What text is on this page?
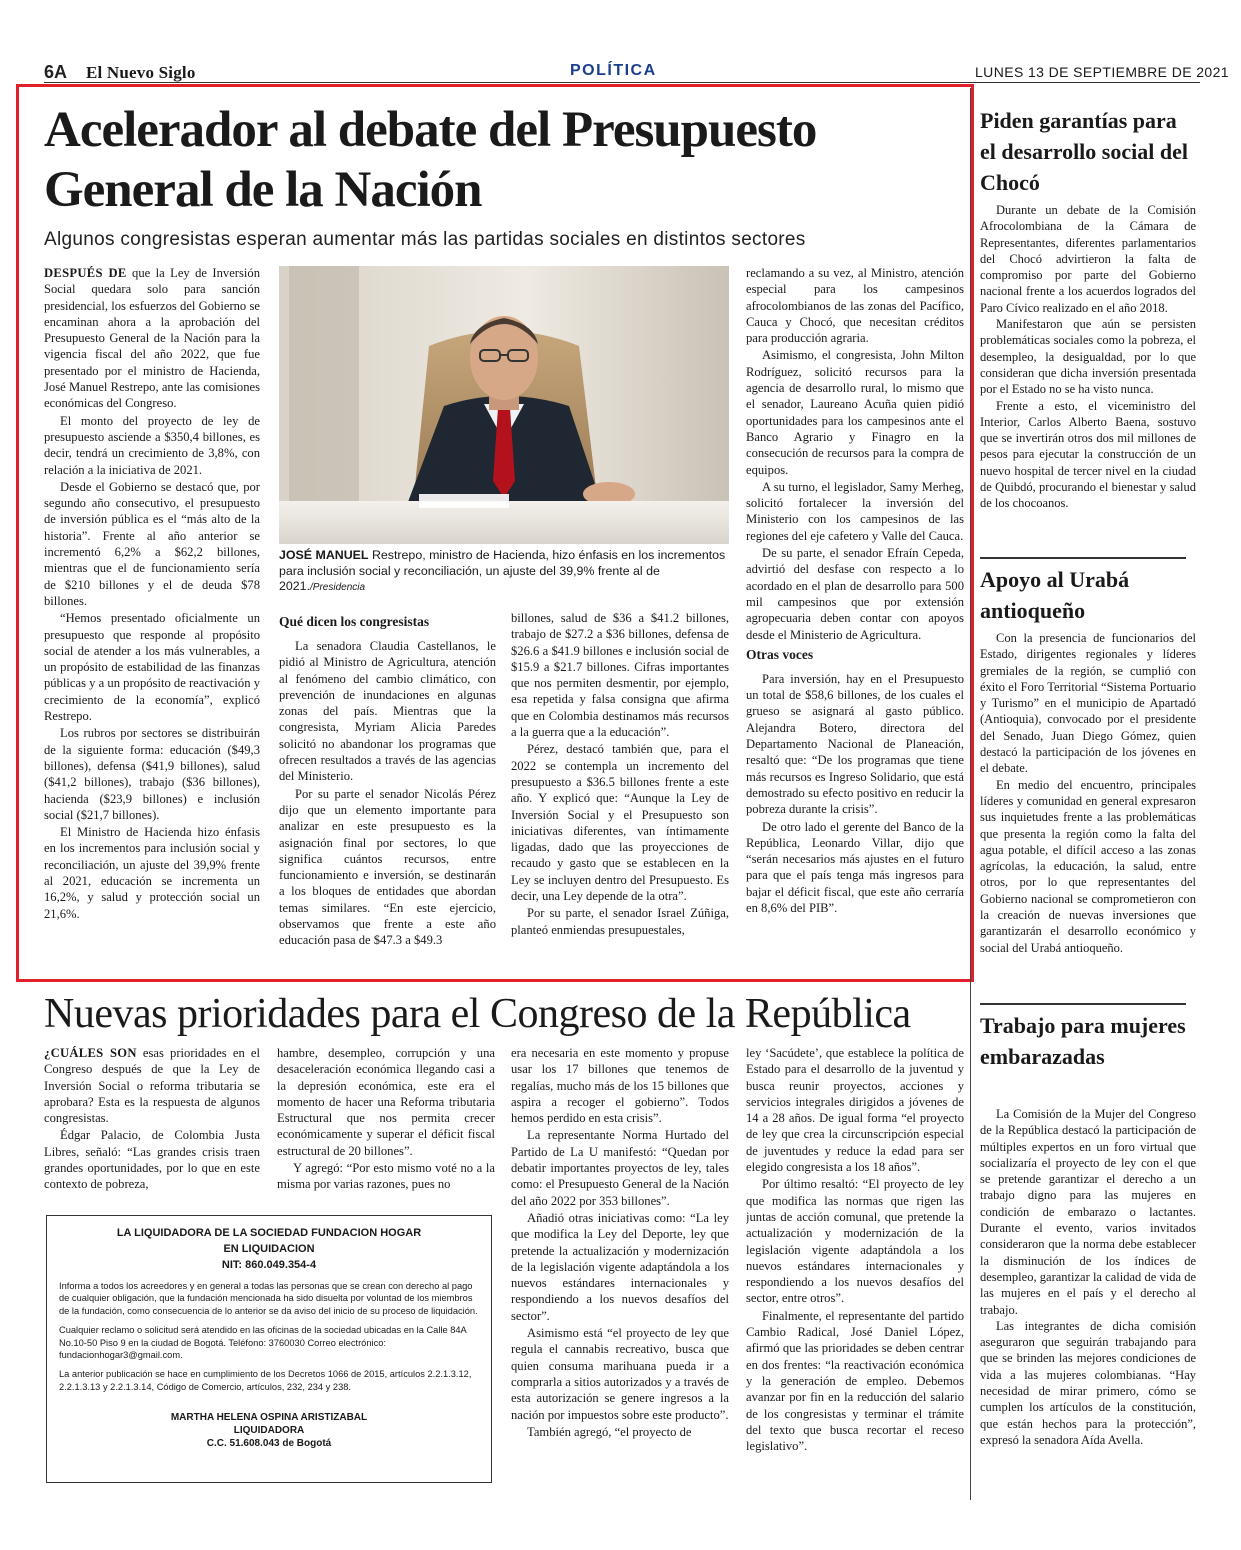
6A El Nuevo Siglo	POLÍTICA	LUNES 13 DE SEPTIEMBRE DE 2021
Acelerador al debate del Presupuesto General de la Nación
Algunos congresistas esperan aumentar más las partidas sociales en distintos sectores

DESPUÉS DE que la Ley de Inversión Social quedara solo para sanción presidencial, los esfuerzos del Gobierno se encaminan ahora a la aprobación del Presupuesto General de la Nación para la vigencia fiscal del año 2022, que fue presentado por el ministro de Hacienda, José Manuel Restrepo, ante las comisiones económicas del Congreso.

El monto del proyecto de ley de presupuesto asciende a $350,4 billones, es decir, tendrá un crecimiento de 3,8%, con relación a la iniciativa de 2021.

Desde el Gobierno se destacó que, por segundo año consecutivo, el presupuesto de inversión pública es el “más alto de la historia”. Frente al año anterior se incrementó 6,2% a $62,2 billones, mientras que el de funcionamiento sería de $210 billones y el de deuda $78 billones.

“Hemos presentado oficialmente un presupuesto que responde al propósito social de atender a los más vulnerables, a un propósito de estabilidad de las finanzas públicas y a un propósito de reactivación y crecimiento de la economía”, explicó Restrepo.

Los rubros por sectores se distribuirán de la siguiente forma: educación ($49,3 billones), defensa ($41,9 billones), salud ($41,2 billones), trabajo ($36 billones), hacienda ($23,9 billones) e inclusión social ($21,7 billones).

El Ministro de Hacienda hizo énfasis en los incrementos para inclusión social y reconciliación, un ajuste del 39,9% frente al 2021, educación se incrementa un 16,2%, y salud y protección social un 21,6%.

JOSÉ MANUEL Restrepo, ministro de Hacienda, hizo énfasis en los incrementos para inclusión social y reconciliación, un ajuste del 39,9% frente al de 2021./Presidencia
Qué dicen los congresistas

La senadora Claudia Castellanos, le pidió al Ministro de Agricultura, atención al fenómeno del cambio climático, con prevención de inundaciones en algunas zonas del país. Mientras que la congresista, Myriam Alicia Paredes solicitó no abandonar los programas que ofrecen resultados a través de las agencias del Ministerio.

Por su parte el senador Nicolás Pérez dijo que un elemento importante para analizar en este presupuesto es la asignación final por sectores, lo que significa cuántos recursos, entre funcionamiento e inversión, se destinarán a los bloques de entidades que abordan temas similares. “En este ejercicio, observamos que frente a este año educación pasa de $47.3 a $49.3

billones, salud de $36 a $41.2 billones, trabajo de $27.2 a $36 billones, defensa de $26.6 a $41.9 billones e inclusión social de $15.9 a $21.7 billones. Cifras importantes que nos permiten desmentir, por ejemplo, esa repetida y falsa consigna que afirma que en Colombia destinamos más recursos a la guerra que a la educación”.

Pérez, destacó también que, para el 2022 se contempla un incremento del presupuesto a $36.5 billones frente a este año. Y explicó que: “Aunque la Ley de Inversión Social y el Presupuesto son iniciativas diferentes, van íntimamente ligadas, dado que las proyecciones de recaudo y gasto que se establecen en la Ley se incluyen dentro del Presupuesto. Es decir, una Ley depende de la otra”.

Por su parte, el senador Israel Zúñiga, planteó enmiendas presupuestales,

reclamando a su vez, al Ministro, atención especial para los campesinos afrocolombianos de las zonas del Pacífico, Cauca y Chocó, que necesitan créditos para producción agraria.

Asimismo, el congresista, John Milton Rodríguez, solicitó recursos para la agencia de desarrollo rural, lo mismo que el senador, Laureano Acuña quien pidió oportunidades para los campesinos ante el Banco Agrario y Finagro en la consecución de recursos para la compra de equipos.

A su turno, el legislador, Samy Merheg, solicitó fortalecer la inversión del Ministerio con los campesinos de las regiones del eje cafetero y Valle del Cauca.

De su parte, el senador Efraín Cepeda, advirtió del desfase con respecto a lo acordado en el plan de desarrollo para 500 mil campesinos que por extensión agropecuaria deben contar con apoyos desde el Ministerio de Agricultura.

Otras voces

Para inversión, hay en el Presupuesto un total de $58,6 billones, de los cuales el grueso se asignará al gasto público. Alejandra Botero, directora del Departamento Nacional de Planeación, resaltó que: “De los programas que tiene más recursos es Ingreso Solidario, que está demostrado su efecto positivo en reducir la pobreza durante la crisis”.

De otro lado el gerente del Banco de la República, Leonardo Villar, dijo que “serán necesarios más ajustes en el futuro para que el país tenga más ingresos para bajar el déficit fiscal, que este año cerraría en 8,6% del PIB”.

Piden garantías para el desarrollo social del Chocó

Durante un debate de la Comisión Afrocolombiana de la Cámara de Representantes, diferentes parlamentarios del Chocó advirtieron la falta de compromiso por parte del Gobierno nacional frente a los acuerdos logrados del Paro Cívico realizado en el año 2018.

Manifestaron que aún se persisten problemáticas sociales como la pobreza, el desempleo, la desigualdad, por lo que consideran que dicha inversión presentada por el Estado no se ha visto nunca.

Frente a esto, el viceministro del Interior, Carlos Alberto Baena, sostuvo que se invertirán otros dos mil millones de pesos para ejecutar la construcción de un nuevo hospital de tercer nivel en la ciudad de Quibdó, procurando el bienestar y salud de los chocoanos.

Apoyo al Urabá antioqueño

Con la presencia de funcionarios del Estado, dirigentes regionales y líderes gremiales de la región, se cumplió con éxito el Foro Territorial “Sistema Portuario y Turismo” en el municipio de Apartadó (Antioquia), convocado por el presidente del Senado, Juan Diego Gómez, quien destacó la participación de los jóvenes en el debate.

En medio del encuentro, principales líderes y comunidad en general expresaron sus inquietudes frente a las problemáticas que presenta la región como la falta del agua potable, el difícil acceso a las zonas agrícolas, la educación, la salud, entre otros, por lo que representantes del Gobierno nacional se comprometieron con la creación de nuevas inversiones que garantizarán el desarrollo económico y social del Urabá antioqueño.

Trabajo para mujeres embarazadas

La Comisión de la Mujer del Congreso de la República destacó la participación de múltiples expertos en un foro virtual que socializaría el proyecto de ley con el que se pretende garantizar el derecho a un trabajo digno para las mujeres en condición de embarazo o lactantes. Durante el evento, varios invitados consideraron que la norma debe establecer la disminución de los índices de desempleo, garantizar la calidad de vida de las mujeres en el país y el derecho al trabajo.

Las integrantes de dicha comisión aseguraron que seguirán trabajando para que se brinden las mejores condiciones de vida a las mujeres colombianas. “Hay necesidad de mirar primero, cómo se cumplen los artículos de la constitución, que están hechos para la protección”, expresó la senadora Aída Avella.

Nuevas prioridades para el Congreso de la República

¿CUÁLES SON esas prioridades en el Congreso después de que la Ley de Inversión Social o reforma tributaria se aprobara? Esta es la respuesta de algunos congresistas.

Édgar Palacio, de Colombia Justa Libres, señaló: “Las grandes crisis traen grandes oportunidades, por lo que en este contexto de pobreza,

hambre, desempleo, corrupción y una desaceleración económica llegando casi a la depresión económica, este era el momento de hacer una Reforma tributaria Estructural que nos permita crecer económicamente y superar el déficit fiscal estructural de 20 billones”.

Y agregó: “Por esto mismo voté no a la misma por varias razones, pues no

era necesaria en este momento y propuse usar los 17 billones que tenemos de regalías, mucho más de los 15 billones que aspira a recoger el gobierno”. Todos hemos perdido en esta crisis”.

La representante Norma Hurtado del Partido de La U manifestó: “Quedan por debatir importantes proyectos de ley, tales como: el Presupuesto General de la Nación del año 2022 por 353 billones”.

Añadió otras iniciativas como: “La ley que modifica la Ley del Deporte, ley que pretende la actualización y modernización de la legislación vigente adaptándola a los nuevos estándares internacionales y respondiendo a los nuevos desafíos del sector”.

Asimismo está “el proyecto de ley que regula el cannabis recreativo, busca que quien consuma marihuana pueda ir a comprarla a sitios autorizados y a través de esta autorización se genere ingresos a la nación por impuestos sobre este producto”.

También agregó, “el proyecto de

ley ‘Sacúdete’, que establece la política de Estado para el desarrollo de la juventud y busca reunir proyectos, acciones y servicios integrales dirigidos a jóvenes de 14 a 28 años. De igual forma “el proyecto de ley que crea la circunscripción especial de juventudes y reduce la edad para ser elegido congresista a los 18 años”.

Por último resaltó: “El proyecto de ley que modifica las normas que rigen las juntas de acción comunal, que pretende la actualización y modernización de la legislación vigente adaptándola a los nuevos estándares internacionales y respondiendo a los nuevos desafíos del sector, entre otros”.

Finalmente, el representante del partido Cambio Radical, José Daniel López, afirmó que las prioridades se deben centrar en dos frentes: “la reactivación económica y la generación de empleo. Debemos avanzar por fin en la reducción del salario de los congresistas y terminar el trámite del texto que busca recortar el receso legislativo”.

LA LIQUIDADORA DE LA SOCIEDAD FUNDACION HOGAR
EN LIQUIDACION
NIT: 860.049.354-4

Informa a todos los acreedores y en general a todas las personas que se crean con derecho al pago de cualquier obligación, que la fundación mencionada ha sido disuelta por voluntad de los miembros de la fundación, como consecuencia de lo anterior se da aviso del inicio de su proceso de liquidación.

Cualquier reclamo o solicitud será atendido en las oficinas de la sociedad ubicadas en la Calle 84A No.10-50 Piso 9 en la ciudad de Bogotá. Teléfono: 3760030 Correo electrónico: fundacionhogar3@gmail.com.

La anterior publicación se hace en cumplimiento de los Decretos 1066 de 2015, artículos 2.2.1.3.12, 2.2.1.3.13 y 2.2.1.3.14, Código de Comercio, artículos, 232, 234 y 238.

MARTHA HELENA OSPINA ARISTIZABAL
LIQUIDADORA
C.C. 51.608.043 de Bogotá
